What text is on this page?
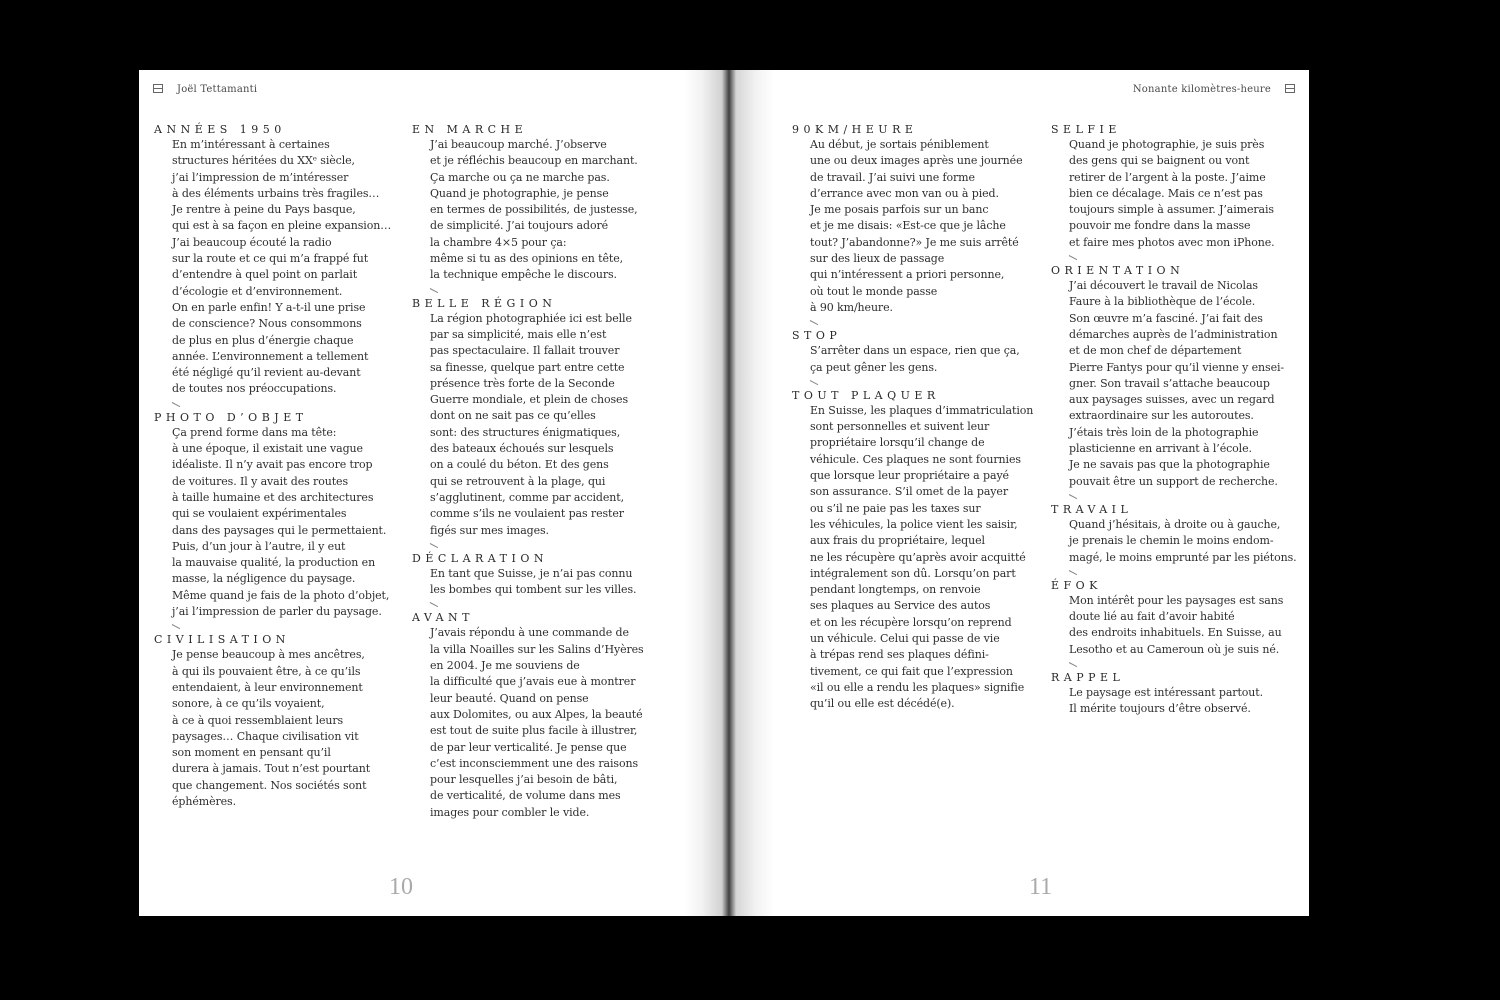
Joël Tettamanti
ANNÉES 1950
En m’intéressant à certaines
structures héritées du XXᵉ siècle,
j’ai l’impression de m’intéresser
à des éléments urbains très fragiles…
Je rentre à peine du Pays basque,
qui est à sa façon en pleine expansion…
J’ai beaucoup écouté la radio
sur la route et ce qui m’a frappé fut
d’entendre à quel point on parlait
d’écologie et d’environnement.
On en parle enfin! Y a-t-il une prise
de conscience? Nous consommons
de plus en plus d’énergie chaque
année. L’environnement a tellement
été négligé qu’il revient au-devant
de toutes nos préoccupations.
PHOTO D’OBJET
Ça prend forme dans ma tête:
à une époque, il existait une vague
idéaliste. Il n’y avait pas encore trop
de voitures. Il y avait des routes
à taille humaine et des architectures
qui se voulaient expérimentales
dans des paysages qui le permettaient.
Puis, d’un jour à l’autre, il y eut
la mauvaise qualité, la production en
masse, la négligence du paysage.
Même quand je fais de la photo d’objet,
j’ai l’impression de parler du paysage.
CIVILISATION
Je pense beaucoup à mes ancêtres,
à qui ils pouvaient être, à ce qu’ils
entendaient, à leur environnement
sonore, à ce qu’ils voyaient,
à ce à quoi ressemblaient leurs
paysages… Chaque civilisation vit
son moment en pensant qu’il
durera à jamais. Tout n’est pourtant
que changement. Nos sociétés sont
éphémères.
EN MARCHE
J’ai beaucoup marché. J’observe
et je réfléchis beaucoup en marchant.
Ça marche ou ça ne marche pas.
Quand je photographie, je pense
en termes de possibilités, de justesse,
de simplicité. J’ai toujours adoré
la chambre 4×5 pour ça:
même si tu as des opinions en tête,
la technique empêche le discours.
BELLE RÉGION
La région photographiée ici est belle
par sa simplicité, mais elle n’est
pas spectaculaire. Il fallait trouver
sa finesse, quelque part entre cette
présence très forte de la Seconde
Guerre mondiale, et plein de choses
dont on ne sait pas ce qu’elles
sont: des structures énigmatiques,
des bateaux échoués sur lesquels
on a coulé du béton. Et des gens
qui se retrouvent à la plage, qui
s’agglutinent, comme par accident,
comme s’ils ne voulaient pas rester
figés sur mes images.
DÉCLARATION
En tant que Suisse, je n’ai pas connu
les bombes qui tombent sur les villes.
AVANT
J’avais répondu à une commande de
la villa Noailles sur les Salins d’Hyères
en 2004. Je me souviens de
la difficulté que j’avais eue à montrer
leur beauté. Quand on pense
aux Dolomites, ou aux Alpes, la beauté
est tout de suite plus facile à illustrer,
de par leur verticalité. Je pense que
c’est inconsciemment une des raisons
pour lesquelles j’ai besoin de bâti,
de verticalité, de volume dans mes
images pour combler le vide.
10
Nonante kilomètres-heure
90KM/HEURE
Au début, je sortais péniblement
une ou deux images après une journée
de travail. J’ai suivi une forme
d’errance avec mon van ou à pied.
Je me posais parfois sur un banc
et je me disais: «Est-ce que je lâche
tout? J’abandonne?» Je me suis arrêté
sur des lieux de passage
qui n’intéressent a priori personne,
où tout le monde passe
à 90 km/heure.
STOP
S’arrêter dans un espace, rien que ça,
ça peut gêner les gens.
TOUT PLAQUER
En Suisse, les plaques d’immatriculation
sont personnelles et suivent leur
propriétaire lorsqu’il change de
véhicule. Ces plaques ne sont fournies
que lorsque leur propriétaire a payé
son assurance. S’il omet de la payer
ou s’il ne paie pas les taxes sur
les véhicules, la police vient les saisir,
aux frais du propriétaire, lequel
ne les récupère qu’après avoir acquitté
intégralement son dû. Lorsqu’on part
pendant longtemps, on renvoie
ses plaques au Service des autos
et on les récupère lorsqu’on reprend
un véhicule. Celui qui passe de vie
à trépas rend ses plaques défini-
tivement, ce qui fait que l’expression
«il ou elle a rendu les plaques» signifie
qu’il ou elle est décédé(e).
SELFIE
Quand je photographie, je suis près
des gens qui se baignent ou vont
retirer de l’argent à la poste. J’aime
bien ce décalage. Mais ce n’est pas
toujours simple à assumer. J’aimerais
pouvoir me fondre dans la masse
et faire mes photos avec mon iPhone.
ORIENTATION
J’ai découvert le travail de Nicolas
Faure à la bibliothèque de l’école.
Son œuvre m’a fasciné. J’ai fait des
démarches auprès de l’administration
et de mon chef de département
Pierre Fantys pour qu’il vienne y ensei-
gner. Son travail s’attache beaucoup
aux paysages suisses, avec un regard
extraordinaire sur les autoroutes.
J’étais très loin de la photographie
plasticienne en arrivant à l’école.
Je ne savais pas que la photographie
pouvait être un support de recherche.
TRAVAIL
Quand j’hésitais, à droite ou à gauche,
je prenais le chemin le moins endom-
magé, le moins emprunté par les piétons.
ÉFOK
Mon intérêt pour les paysages est sans
doute lié au fait d’avoir habité
des endroits inhabituels. En Suisse, au
Lesotho et au Cameroun où je suis né.
RAPPEL
Le paysage est intéressant partout.
Il mérite toujours d’être observé.
11
